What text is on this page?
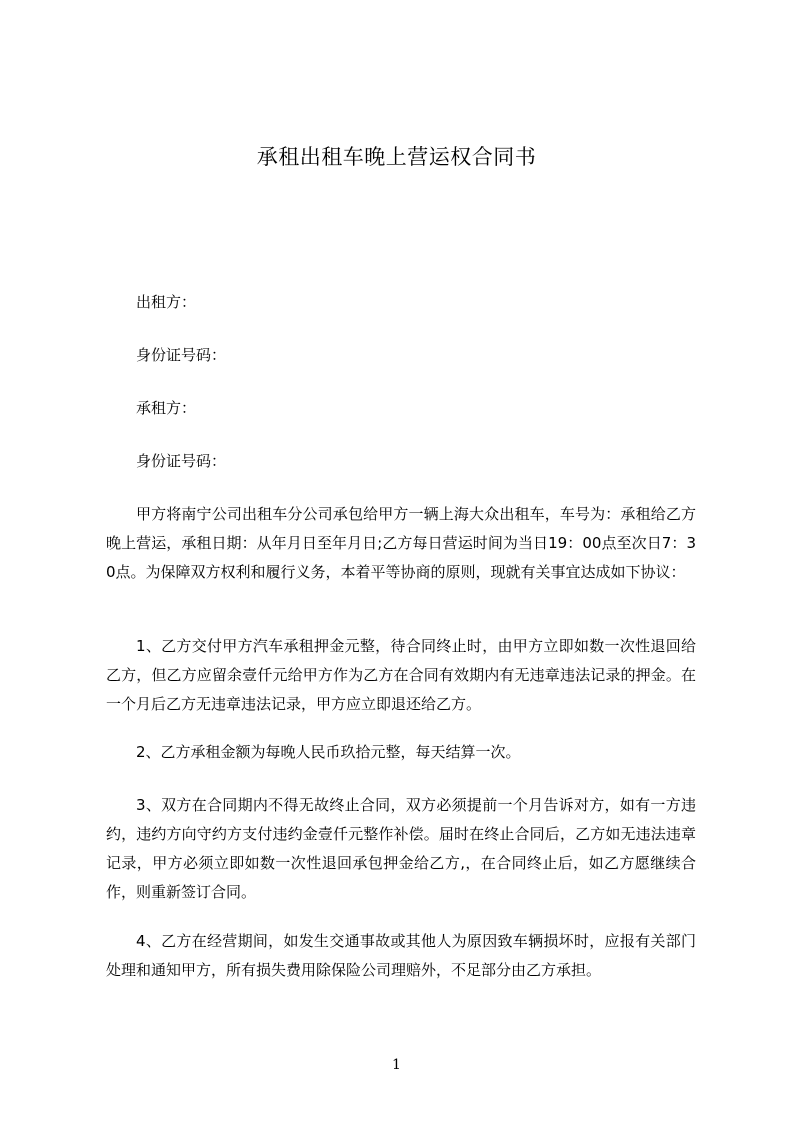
承租出租车晚上营运权合同书
出租方：
身份证号码：
承租方：
身份证号码：
甲方将南宁公司出租车分公司承包给甲方一辆上海大众出租车，车号为：承租给乙方晚上营运，承租日期：从年月日至年月日;乙方每日营运时间为当日19：00点至次日7：30点。为保障双方权利和履行义务，本着平等协商的原则，现就有关事宜达成如下协议：
1、乙方交付甲方汽车承租押金元整，待合同终止时，由甲方立即如数一次性退回给乙方，但乙方应留余壹仟元给甲方作为乙方在合同有效期内有无违章违法记录的押金。在一个月后乙方无违章违法记录，甲方应立即退还给乙方。
2、乙方承租金额为每晚人民币玖拾元整，每天结算一次。
3、双方在合同期内不得无故终止合同，双方必须提前一个月告诉对方，如有一方违约，违约方向守约方支付违约金壹仟元整作补偿。届时在终止合同后，乙方如无违法违章记录，甲方必须立即如数一次性退回承包押金给乙方,，在合同终止后，如乙方愿继续合作，则重新签订合同。
4、乙方在经营期间，如发生交通事故或其他人为原因致车辆损坏时，应报有关部门处理和通知甲方，所有损失费用除保险公司理赔外，不足部分由乙方承担。
1
